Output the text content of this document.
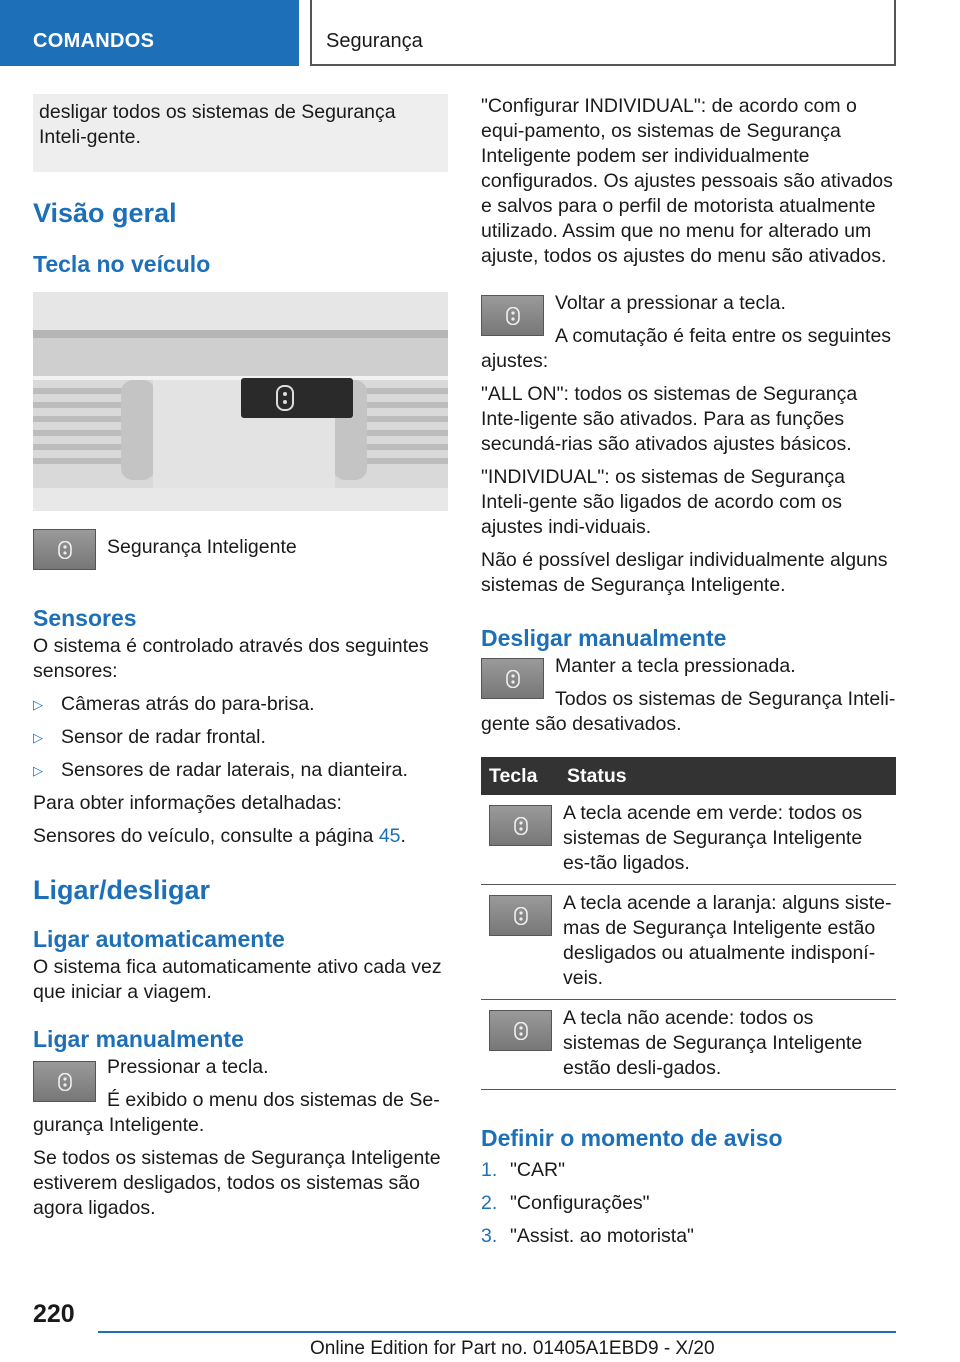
COMANDOS	Segurança

desligar todos os sistemas de Segurança Inteli-gente.

Visão geral
Tecla no veículo

Segurança Inteligente

Sensores

O sistema é controlado através dos seguintes sensores:

▷ Câmeras atrás do para-brisa.
▷ Sensor de radar frontal.
▷ Sensores de radar laterais, na dianteira.

Para obter informações detalhadas:

Sensores do veículo, consulte a página 45.

Ligar/desligar
Ligar automaticamente

O sistema fica automaticamente ativo cada vez que iniciar a viagem.

Ligar manualmente

Pressionar a tecla.

É exibido o menu dos sistemas de Se-gurança Inteligente.

Se todos os sistemas de Segurança Inteligente estiverem desligados, todos os sistemas são agora ligados.

"Configurar INDIVIDUAL": de acordo com o equi-pamento, os sistemas de Segurança Inteligente podem ser individualmente configurados. Os ajustes pessoais são ativados e salvos para o perfil de motorista atualmente utilizado. Assim que no menu for alterado um ajuste, todos os ajustes do menu são ativados.

Voltar a pressionar a tecla.

A comutação é feita entre os seguintes ajustes:

"ALL ON": todos os sistemas de Segurança Inte-ligente são ativados. Para as funções secundá-rias são ativados ajustes básicos.

"INDIVIDUAL": os sistemas de Segurança Inteli-gente são ligados de acordo com os ajustes indi-viduais.

Não é possível desligar individualmente alguns sistemas de Segurança Inteligente.

Desligar manualmente

Manter a tecla pressionada.

Todos os sistemas de Segurança Inteli-gente são desativados.

Tecla	Status

	A tecla acende em verde: todos os sistemas de Segurança Inteligente es-tão ligados.

	A tecla acende a laranja: alguns siste-mas de Segurança Inteligente estão desligados ou atualmente indisponí-veis.

	A tecla não acende: todos os sistemas de Segurança Inteligente estão desli-gados.
Definir o momento de aviso
1. "CAR"
2. "Configurações"
3. "Assist. ao motorista"
220
Online Edition for Part no. 01405A1EBD9 - X/20
